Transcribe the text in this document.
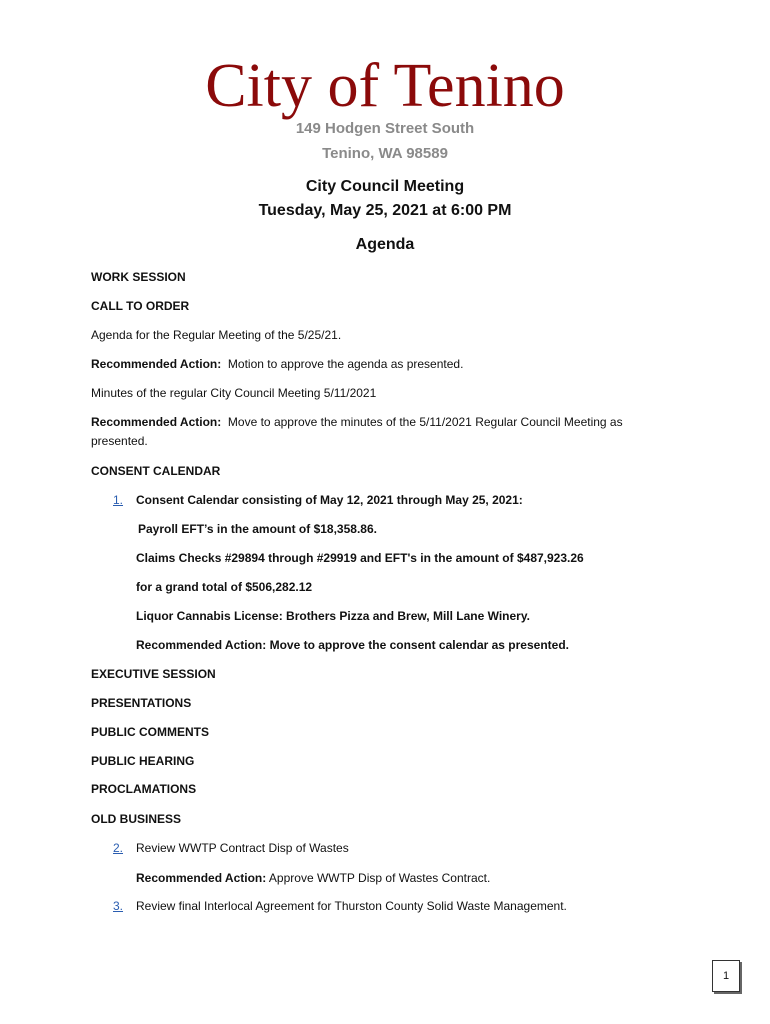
City of Tenino
149 Hodgen Street South
Tenino, WA 98589
City Council Meeting
Tuesday, May 25, 2021 at 6:00 PM
Agenda
WORK SESSION
CALL TO ORDER
Agenda for the Regular Meeting of the 5/25/21.
Recommended Action: Motion to approve the agenda as presented.
Minutes of the regular City Council Meeting 5/11/2021
Recommended Action: Move to approve the minutes of the 5/11/2021 Regular Council Meeting as presented.
CONSENT CALENDAR
1. Consent Calendar consisting of May 12, 2021 through May 25, 2021:
Payroll EFT’s in the amount of $18,358.86.
Claims Checks #29894 through #29919 and EFT's in the amount of $487,923.26
for a grand total of $506,282.12
Liquor Cannabis License: Brothers Pizza and Brew, Mill Lane Winery.
Recommended Action: Move to approve the consent calendar as presented.
EXECUTIVE SESSION
PRESENTATIONS
PUBLIC COMMENTS
PUBLIC HEARING
PROCLAMATIONS
OLD BUSINESS
2. Review WWTP Contract Disp of Wastes
Recommended Action: Approve WWTP Disp of Wastes Contract.
3. Review final Interlocal Agreement for Thurston County Solid Waste Management.
1
